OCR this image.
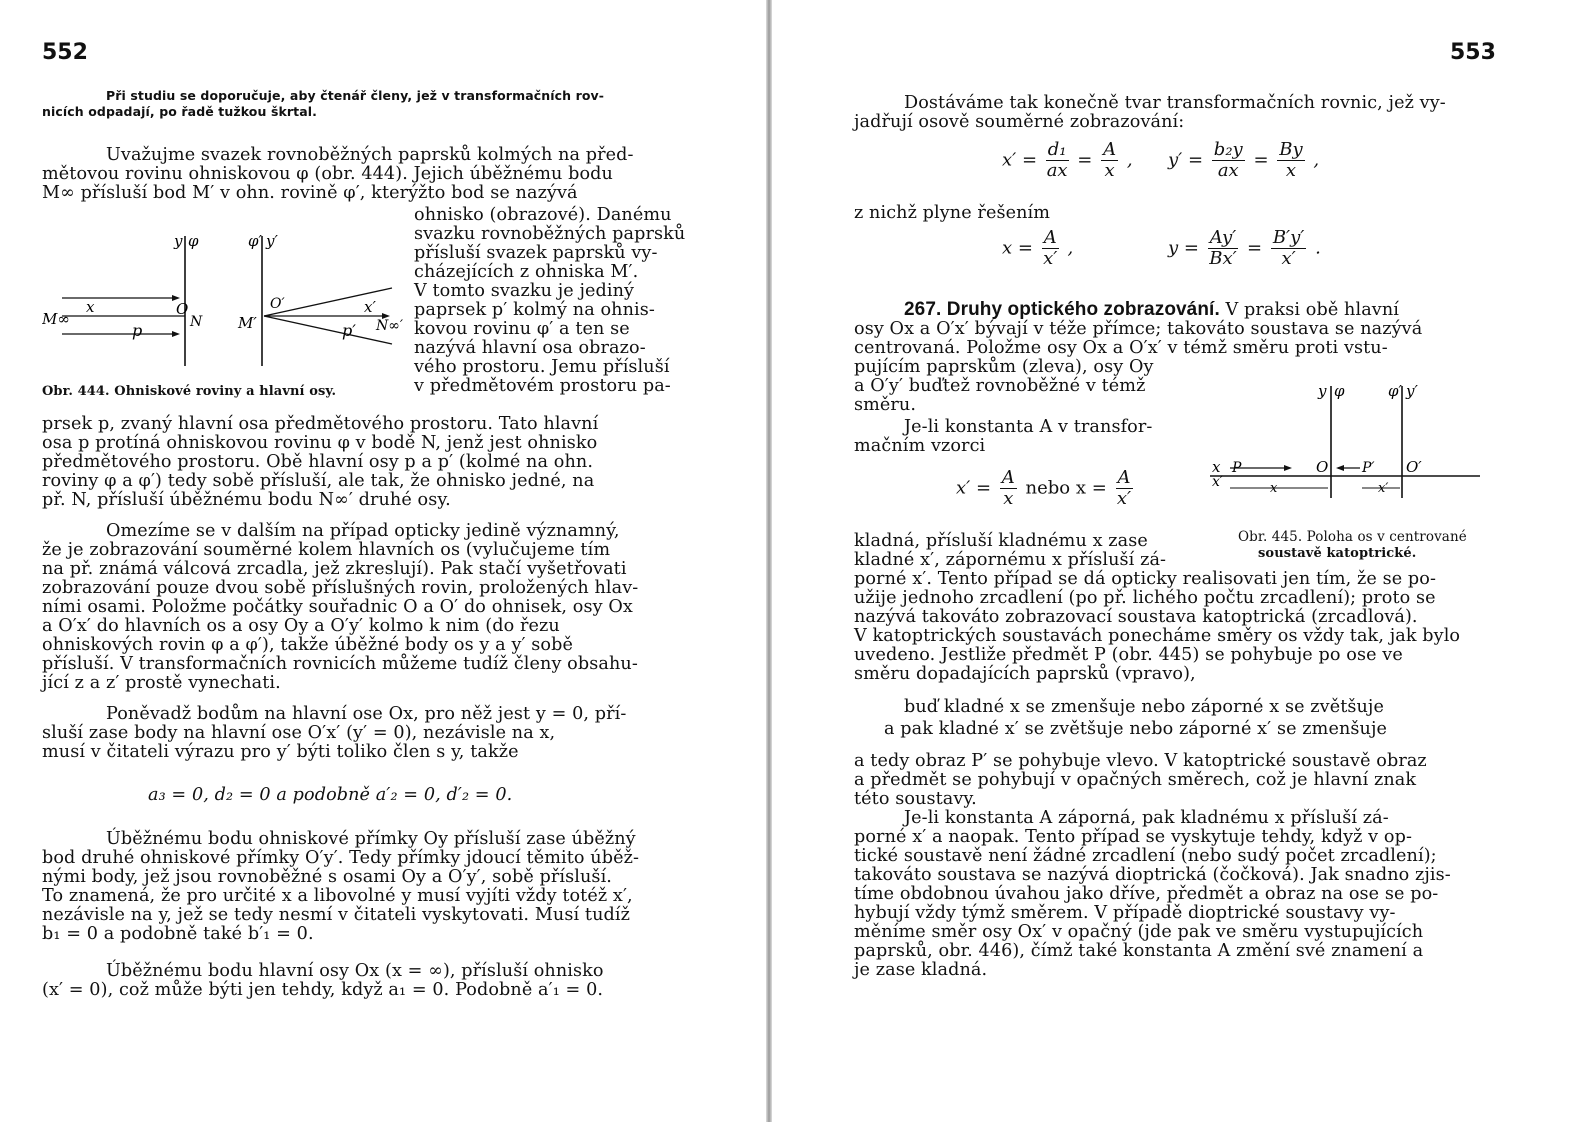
552
Při studiu se doporučuje, aby čtenář členy, jež v transformačních rov-
nicích odpadají, po řadě tužkou škrtal.
Uvažujme svazek rovnoběžných paprsků kolmých na před-
mětovou rovinu ohniskovou φ (obr. 444). Jejich úběžnému bodu
M∞ přísluší bod M′ v ohn. rovině φ′, kterýžto bod se nazývá
ohnisko (obrazové). Danému
svazku rovnoběžných paprsků
přísluší svazek paprsků vy-
cházejících z ohniska M′.
V tomto svazku je jediný
paprsek p′ kolmý na ohnis-
kovou rovinu φ′ a ten se
nazývá hlavní osa obrazo-
vého prostoru. Jemu přísluší
v předmětovém prostoru pa-
y φ	φ′ y′
M∞
x
p
O
N M′
O′	x′
p′ N∞′
Obr. 444. Ohniskové roviny a hlavní osy.
prsek p, zvaný hlavní osa předmětového prostoru. Tato hlavní
osa p protíná ohniskovou rovinu φ v bodě N, jenž jest ohnisko
předmětového prostoru. Obě hlavní osy p a p′ (kolmé na ohn.
roviny φ a φ′) tedy sobě přísluší, ale tak, že ohnisko jedné, na
př. N, přísluší úběžnému bodu N∞′ druhé osy.
Omezíme se v dalším na případ opticky jedině významný,
že je zobrazování souměrné kolem hlavních os (vylučujeme tím
na př. známá válcová zrcadla, jež zkreslují). Pak stačí vyšetřovati
zobrazování pouze dvou sobě příslušných rovin, proložených hlav-
ními osami. Položme počátky souřadnic O a O′ do ohnisek, osy Ox
a O′x′ do hlavních os a osy Oy a O′y′ kolmo k nim (do řezu
ohniskových rovin φ a φ′), takže úběžné body os y a y′ sobě
přísluší. V transformačních rovnicích můžeme tudíž členy obsahu-
jící z a z′ prostě vynechati.
Poněvadž bodům na hlavní ose Ox, pro něž jest y = 0, pří-
sluší zase body na hlavní ose O′x′ (y′ = 0), nezávisle na x,
musí v čitateli výrazu pro y′ býti toliko člen s y, takže
a₃ = 0, d₂ = 0 a podobně a′₂ = 0, d′₂ = 0.
Úběžnému bodu ohniskové přímky Oy přísluší zase úběžný
bod druhé ohniskové přímky O′y′. Tedy přímky jdoucí těmito úběž-
nými body, jež jsou rovnoběžné s osami Oy a O′y′, sobě přísluší.
To znamená, že pro určité x a libovolné y musí vyjíti vždy totéž x′,
nezávisle na y, jež se tedy nesmí v čitateli vyskytovati. Musí tudíž
b₁ = 0 a podobně také b′₁ = 0.
Úběžnému bodu hlavní osy Ox (x = ∞), přísluší ohnisko
(x′ = 0), což může býti jen tehdy, když a₁ = 0. Podobně a′₁ = 0.
553
Dostáváme tak konečně tvar transformačních rovnic, jež vy-
jadřují osově souměrné zobrazování:
$x' = \frac{\text{d₁}}{ax} = \frac{A}{x}$ , $y' = \frac{\text{b₂y}}{ax} = \frac{By}{x}$ ,
z nichž plyne řešením
$x = \frac{A}{x'}$ ,	$y = \frac{Ay'}{Bx'} = \frac{B'y'}{x'}$ .
267. Druhy optického zobrazování. V praksi obě hlavní
osy Ox a O′x′ bývají v téže přímce; takováto soustava se nazývá
centrovaná. Položme osy Ox a O′x′ v témž směru proti vstu-
pujícím paprskům (zleva), osy Oy
a O′y′ buďtež rovnoběžné v témž
směru.
Je-li konstanta A v transfor-
mačním vzorci
$x' = \frac{A}{x}$ nebo $x = \frac{A}{x'}$
kladná, přísluší kladnému x zase
kladné x′, zápornému x přísluší zá-
y φ	φ′ y′
x P	O P′ O′
x′	x	x′
Obr. 445. Poloha os v centrované
soustavě katoptrické.
porné x′. Tento případ se dá opticky realisovati jen tím, že se po-
užije jednoho zrcadlení (po př. lichého počtu zrcadlení); proto se
nazývá takováto zobrazovací soustava katoptrická (zrcadlová).
V katoptrických soustavách ponecháme směry os vždy tak, jak bylo
uvedeno. Jestliže předmět P (obr. 445) se pohybuje po ose ve
směru dopadajících paprsků (vpravo),
buď kladné x se zmenšuje nebo záporné x se zvětšuje
a pak kladné x′ se zvětšuje nebo záporné x′ se zmenšuje
a tedy obraz P′ se pohybuje vlevo. V katoptrické soustavě obraz
a předmět se pohybují v opačných směrech, což je hlavní znak
této soustavy.
Je-li konstanta A záporná, pak kladnému x přísluší zá-
porné x′ a naopak. Tento případ se vyskytuje tehdy, když v op-
tické soustavě není žádné zrcadlení (nebo sudý počet zrcadlení);
takováto soustava se nazývá dioptrická (čočková). Jak snadno zjis-
tíme obdobnou úvahou jako dříve, předmět a obraz na ose se po-
hybují vždy týmž směrem. V případě dioptrické soustavy vy-
měníme směr osy Ox′ v opačný (jde pak ve směru vystupujících
paprsků, obr. 446), čímž také konstanta A změní své znamení a
je zase kladná.
